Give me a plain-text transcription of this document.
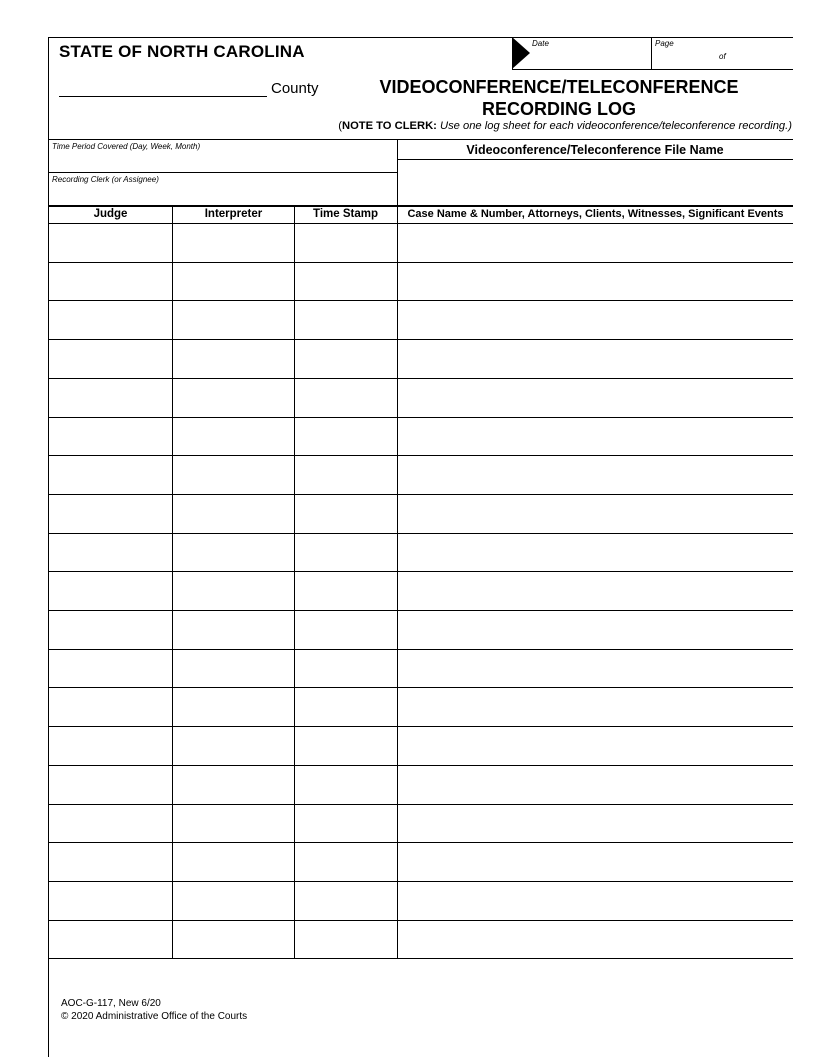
Date	Page
of
STATE OF NORTH CAROLINA
County	VIDEOCONFERENCE/TELECONFERENCE
RECORDING LOG
(NOTE TO CLERK: Use one log sheet for each videoconference/teleconference recording.)
Time Period Covered (Day, Week, Month)
Recording Clerk (or Assignee)
Videoconference/Teleconference File Name
Judge	Interpreter	Time Stamp	Case Name & Number, Attorneys, Clients, Witnesses, Significant Events
AOC-G-117, New 6/20
© 2020 Administrative Office of the Courts
